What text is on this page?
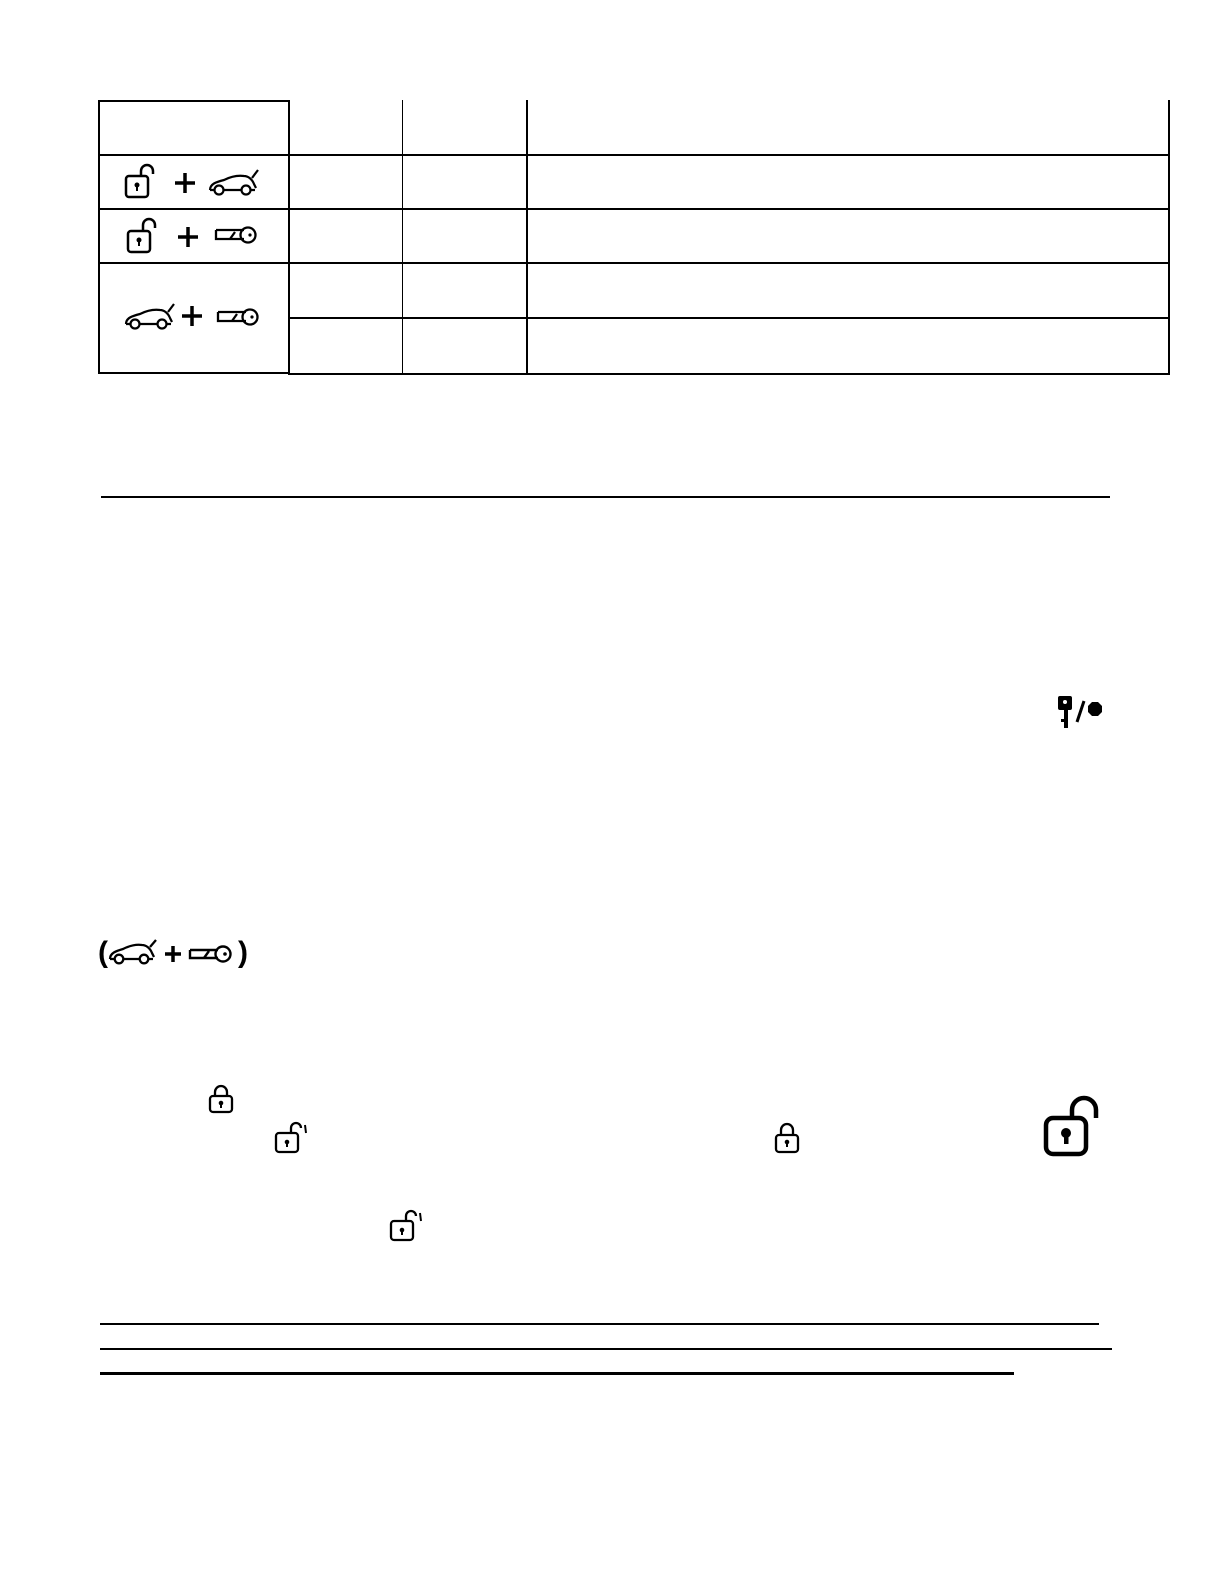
(	)
